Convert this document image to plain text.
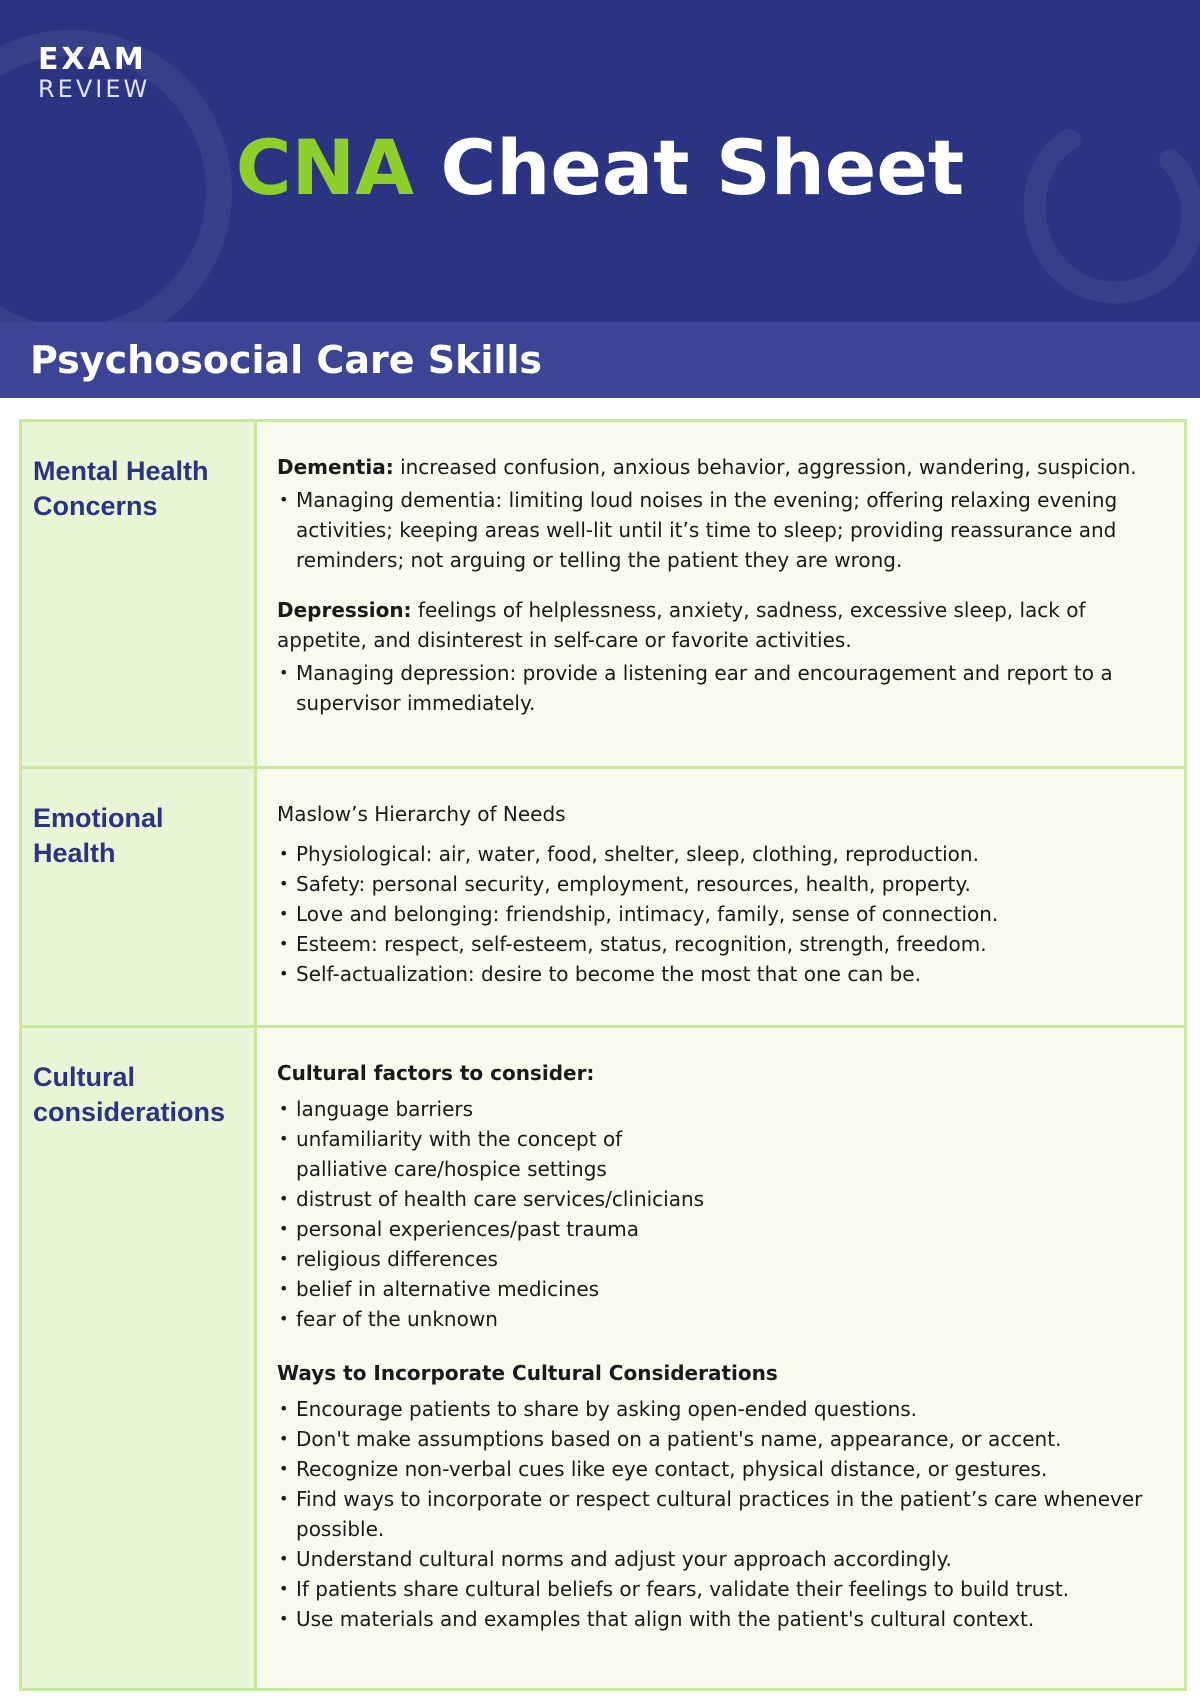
EXAM
REVIEW
CNA Cheat Sheet
Psychosocial Care Skills
Mental Health
Concerns

Dementia: increased confusion, anxious behavior, aggression, wandering, suspicion.

• Managing dementia: limiting loud noises in the evening; offering relaxing evening activities; keeping areas well-lit until it’s time to sleep; providing reassurance and reminders; not arguing or telling the patient they are wrong.

Depression: feelings of helplessness, anxiety, sadness, excessive sleep, lack of appetite, and disinterest in self-care or favorite activities.

• Managing depression: provide a listening ear and encouragement and report to a supervisor immediately.
Emotional
Health

Maslow’s Hierarchy of Needs

• Physiological: air, water, food, shelter, sleep, clothing, reproduction.
• Safety: personal security, employment, resources, health, property.
• Love and belonging: friendship, intimacy, family, sense of connection.
• Esteem: respect, self-esteem, status, recognition, strength, freedom.
• Self-actualization: desire to become the most that one can be.
Cultural
considerations

Cultural factors to consider:

• language barriers
• unfamiliarity with the concept of palliative care/hospice settings
• distrust of health care services/clinicians
• personal experiences/past trauma
• religious differences
• belief in alternative medicines
• fear of the unknown

Ways to Incorporate Cultural Considerations

• Encourage patients to share by asking open-ended questions.
• Don't make assumptions based on a patient's name, appearance, or accent.
• Recognize non-verbal cues like eye contact, physical distance, or gestures.
• Find ways to incorporate or respect cultural practices in the patient’s care whenever possible.
• Understand cultural norms and adjust your approach accordingly.
• If patients share cultural beliefs or fears, validate their feelings to build trust.
• Use materials and examples that align with the patient's cultural context.
